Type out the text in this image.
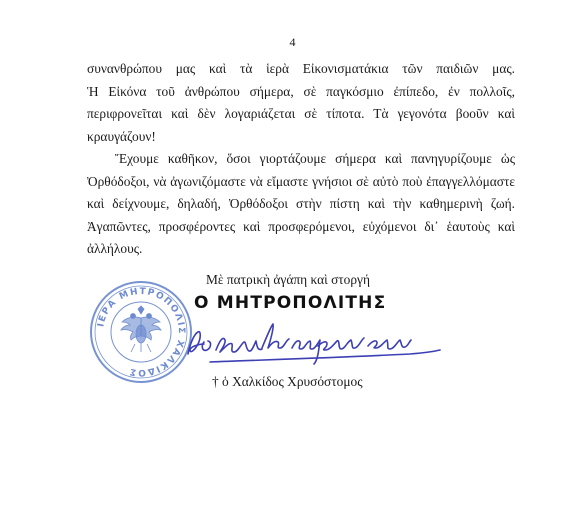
4

συνανθρώπου μας καὶ τὰ ἱερὰ Εἰκονισματάκια τῶν παιδιῶν μας.

Ἡ Εἰκόνα τοῦ ἀνθρώπου σήμερα, σὲ παγκόσμιο ἐπίπεδο, ἐν πολλοῖς, περιφρονεῖται καὶ δὲν λογαριάζεται σὲ τίποτα. Τὰ γεγονότα βοοῦν καὶ κραυγάζουν!

Ἔχουμε καθῆκον, ὅσοι γιορτάζουμε σήμερα καὶ πανηγυρίζουμε ὡς Ὀρθόδοξοι, νὰ ἀγωνιζόμαστε νὰ εἴμαστε γνήσιοι σὲ αὐτὸ ποὺ ἐπαγγελλόμαστε καὶ δείχνουμε, δηλαδή, Ὀρθόδοξοι στὴν πίστη καὶ τὴν καθημερινὴ ζωή. Ἀγαπῶντες, προσφέροντες καὶ προσφερόμενοι, εὐχόμενοι δι᾽ ἑαυτοὺς καὶ ἀλλήλους.

ΙΕΡΑ ΜΗΤΡΟΠΟΛΙΣ ΧΑΛΚΙΔΟΣ
Μὲ πατρικὴ ἀγάπη καὶ στοργή
Ο ΜΗΤΡΟΠΟΛΙΤΗΣ
† ὁ Χαλκίδος Χρυσόστομος
